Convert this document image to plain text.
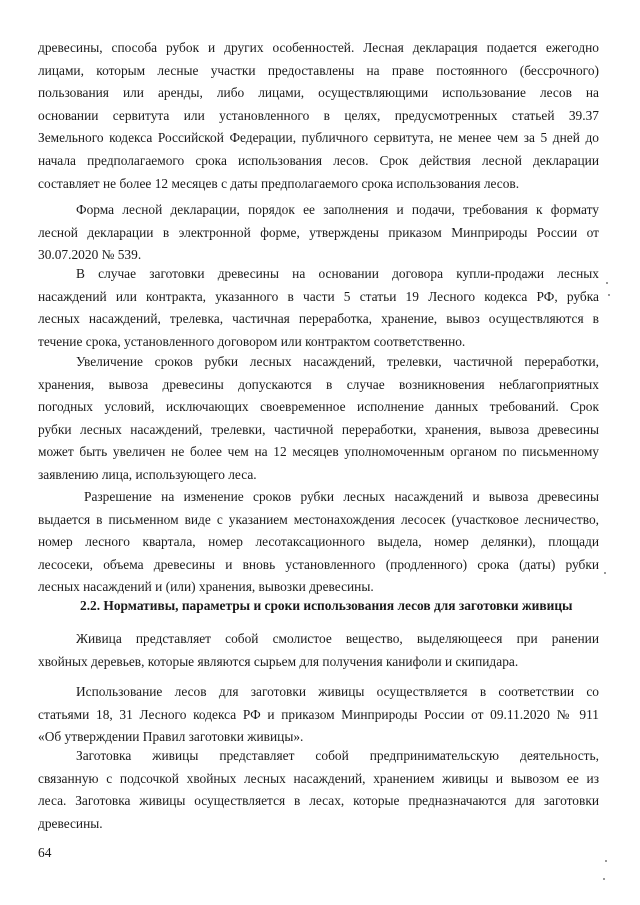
древесины, способа рубок и других особенностей. Лесная декларация подается ежегодно
лицами, которым лесные участки предоставлены на праве постоянного (бессрочного)
пользования или аренды, либо лицами, осуществляющими использование лесов на
основании сервитута или установленного в целях, предусмотренных статьей 39.37
Земельного кодекса Российской Федерации, публичного сервитута, не менее чем за 5 дней до
начала предполагаемого срока использования лесов. Срок действия лесной декларации
составляет не более 12 месяцев с даты предполагаемого срока использования лесов.
Форма лесной декларации, порядок ее заполнения и подачи, требования к формату
лесной декларации в электронной форме, утверждены приказом Минприроды России от
30.07.2020 № 539.
В случае заготовки древесины на основании договора купли-продажи лесных
насаждений или контракта, указанного в части 5 статьи 19 Лесного кодекса РФ, рубка
лесных насаждений, трелевка, частичная переработка, хранение, вывоз осуществляются в
течение срока, установленного договором или контрактом соответственно.
Увеличение сроков рубки лесных насаждений, трелевки, частичной переработки,
хранения, вывоза древесины допускаются в случае возникновения неблагоприятных
погодных условий, исключающих своевременное исполнение данных требований. Срок
рубки лесных насаждений, трелевки, частичной переработки, хранения, вывоза древесины
может быть увеличен не более чем на 12 месяцев уполномоченным органом по письменному
заявлению лица, использующего леса.
Разрешение на изменение сроков рубки лесных насаждений и вывоза древесины
выдается в письменном виде с указанием местонахождения лесосек (участковое лесничество,
номер лесного квартала, номер лесотаксационного выдела, номер делянки), площади
лесосеки, объема древесины и вновь установленного (продленного) срока (даты) рубки
лесных насаждений и (или) хранения, вывозки древесины.

2.2. Нормативы, параметры и сроки использования лесов для заготовки живицы

Живица представляет собой смолистое вещество, выделяющееся при ранении
хвойных деревьев, которые являются сырьем для получения канифоли и скипидара.
Использование лесов для заготовки живицы осуществляется в соответствии со
статьями 18, 31 Лесного кодекса РФ и приказом Минприроды России от 09.11.2020 № 911
«Об утверждении Правил заготовки живицы».
Заготовка живицы представляет собой предпринимательскую деятельность,
связанную с подсочкой хвойных лесных насаждений, хранением живицы и вывозом ее из
леса. Заготовка живицы осуществляется в лесах, которые предназначаются для заготовки
древесины.

64
